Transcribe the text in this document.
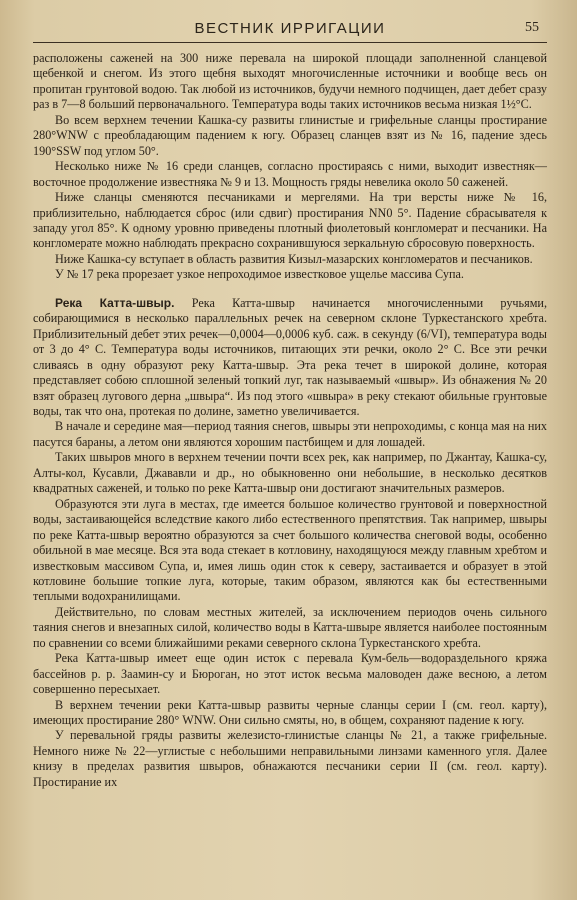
ВЕСТНИК ИРРИГАЦИИ	55

расположены саженей на 300 ниже перевала на широкой площади заполненной сланцевой щебенкой и снегом. Из этого щебня выходят многочисленные источники и вообще весь он пропитан грунтовой водою. Так любой из источников, будучи немного подчищен, дает дебет сразу раз в 7—8 больший первоначального. Температура воды таких источников весьма низкая 1½°С.

Во всем верхнем течении Кашка-су развиты глинистые и грифельные сланцы простирание 280°WNW с преобладающим падением к югу. Образец сланцев взят из № 16, падение здесь 190°SSW под углом 50°.

Несколько ниже № 16 среди сланцев, согласно простираясь с ними, выходит известняк—восточное продолжение известняка № 9 и 13. Мощность гряды невелика около 50 саженей.

Ниже сланцы сменяются песчаниками и мергелями. На три версты ниже № 16, приблизительно, наблюдается сброс (или сдвиг) простирания NN0 5°. Падение сбрасывателя к западу угол 85°. К одному уровню приведены плотный фиолетовый конгломерат и песчаники. На конгломерате можно наблюдать прекрасно сохранившуюся зеркальную сбросовую поверхность.

Ниже Кашка-су вступает в область развития Кизыл-мазарских конгломератов и песчаников.

У № 17 река прорезает узкое непроходимое известковое ущелье массива Супа.

Река Катта-швыр. Река Катта-швыр начинается многочисленными ручьями, собирающимися в несколько параллельных речек на северном склоне Туркестанского хребта. Приблизительный дебет этих речек—0,0004—0,0006 куб. саж. в секунду (6/VI), температура воды от 3 до 4° С. Температура воды источников, питающих эти речки, около 2° С. Все эти речки сливаясь в одну образуют реку Катта-швыр. Эта река течет в широкой долине, которая представляет собою сплошной зеленый топкий луг, так называемый «швыр». Из обнажения № 20 взят образец лугового дерна „швыра“. Из под этого «швыра» в реку стекают обильные грунтовые воды, так что она, протекая по долине, заметно увеличивается.

В начале и середине мая—период таяния снегов, швыры эти непроходимы, с конца мая на них пасутся бараны, а летом они являются хорошим пастбищем и для лошадей.

Таких швыров много в верхнем течении почти всех рек, как например, по Джантау, Кашка-су, Алты-кол, Кусавли, Джававли и др., но обыкновенно они небольшие, в несколько десятков квадратных саженей, и только по реке Катта-швыр они достигают значительных размеров.

Образуются эти луга в местах, где имеется большое количество грунтовой и поверхностной воды, застаивающейся вследствие какого либо естественного препятствия. Так например, швыры по реке Катта-швыр вероятно образуются за счет большого количества снеговой воды, особенно обильной в мае месяце. Вся эта вода стекает в котловину, находящуюся между главным хребтом и известковым массивом Супа, и, имея лишь один сток к северу, застаивается и образует в этой котловине большие топкие луга, которые, таким образом, являются как бы естественными теплыми водохранилищами.

Действительно, по словам местных жителей, за исключением периодов очень сильного таяния снегов и внезапных силой, количество воды в Катта-швыре является наиболее постоянным по сравнении со всеми ближайшими реками северного склона Туркестанского хребта.

Река Катта-швыр имеет еще один исток с перевала Кум-бель—водораздельного кряжа бассейнов р. р. Заамин-су и Бюроган, но этот исток весьма маловоден даже весною, а летом совершенно пересыхает.

В верхнем течении реки Катта-швыр развиты черные сланцы серии I (см. геол. карту), имеющих простирание 280° WNW. Они сильно смяты, но, в общем, сохраняют падение к югу.

У перевальной гряды развиты железисто-глинистые сланцы № 21, а также грифельные. Немного ниже № 22—углистые с небольшими неправильными линзами каменного угля. Далее книзу в пределах развития швыров, обнажаются песчаники серии II (см. геол. карту). Простирание их
